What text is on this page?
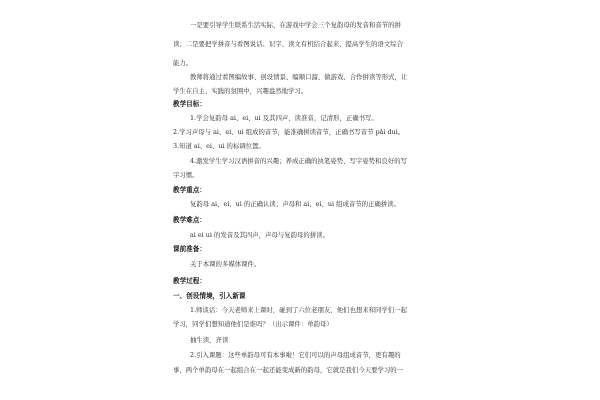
一是要引导学生联系生活实际，在游戏中学会三个复韵母的发音和音节的拼
读；二是要把学拼音与看图说话、识字、读文有机结合起来，提高学生的语文综合
能力。
教师将通过看图编故事、创设情景、编顺口溜、做游戏、合作拼读等形式，让
学生在自主、实践的氛围中，兴趣盎然地学习。
教学目标：
1.学会复韵母 ai、ei、ui 及其四声，读准音，记清形，正确书写。
2.学习声母与 ai、ei、ui 组成的音节，能准确拼读音节，正确书写音节 pǎi duì。
3.知道 ai、ei、ui 的标调位置。
4.激发学生学习汉语拼音的兴趣；养成正确的执笔姿势、写字姿势和良好的写
字习惯。
教学重点：
复韵母 ai、ei、ui 的正确认读；声母和 ai、ei、ui 组成音节的正确拼读。
教学难点：
ai ei ui 的发音及其四声，声母与复韵母的拼读。
课前准备：
关于本课的多媒体课件。
教学过程：
一、创设情境，引入新课
1.师谈话：今天老师来上课时，碰到了六位老朋友，他们也想来和同学们一起
学习，同学们想知道他们是谁吗？（出示课件：单韵母）
抽生读，齐读
2.引入课题：这些单韵母可有本事啦！它们可以的声母组成音节，更有趣的
事，两个单韵母在一起组合在一起还能变成新的韵母，它就是我们今天要学习的一
